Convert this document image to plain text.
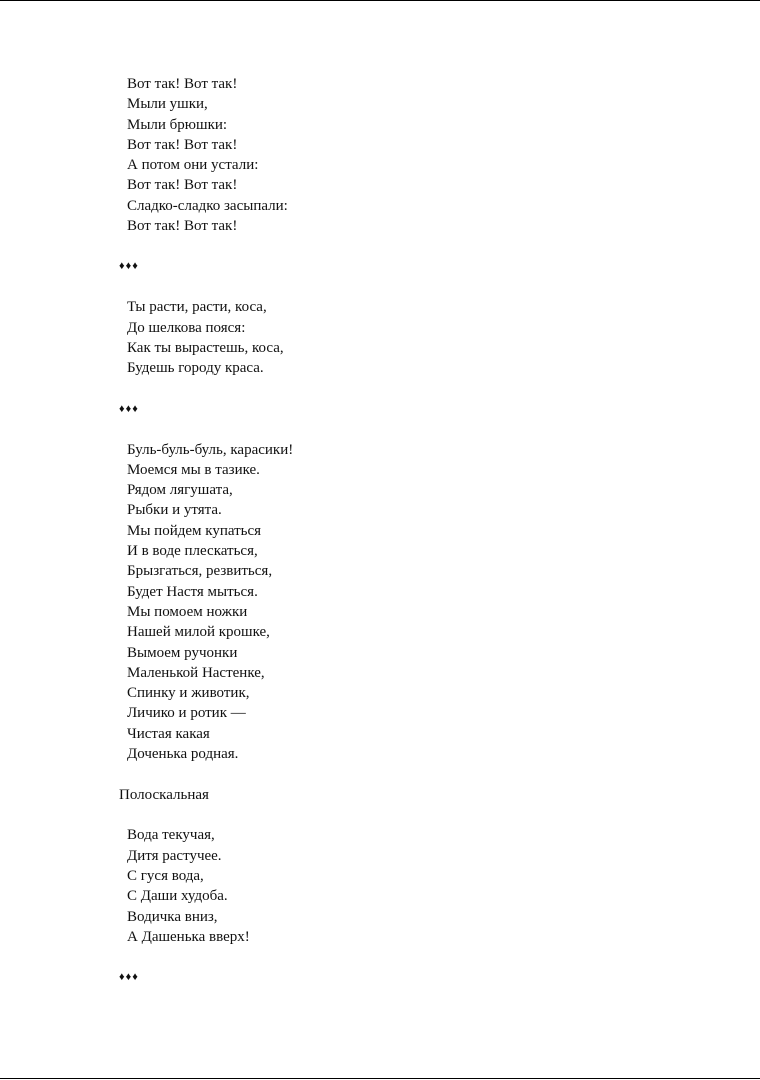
Вот так! Вот так!
Мыли ушки,
Мыли брюшки:
Вот так! Вот так!
А потом они устали:
Вот так! Вот так!
Сладко-сладко засыпали:
Вот так! Вот так!
♦♦♦
Ты расти, расти, коса,
До шелкова пояся:
Как ты вырастешь, коса,
Будешь городу краса.
♦♦♦
Буль-буль-буль, карасики!
Моемся мы в тазике.
Рядом лягушата,
Рыбки и утята.
Мы пойдем купаться
И в воде плескаться,
Брызгаться, резвиться,
Будет Настя мыться.
Мы помоем ножки
Нашей милой крошке,
Вымоем ручонки
Маленькой Настенке,
Спинку и животик,
Личико и ротик —
Чистая какая
Доченька родная.
Полоскальная
Вода текучая,
Дитя растучее.
С гуся вода,
С Даши худоба.
Водичка вниз,
А Дашенька вверх!
♦♦♦
